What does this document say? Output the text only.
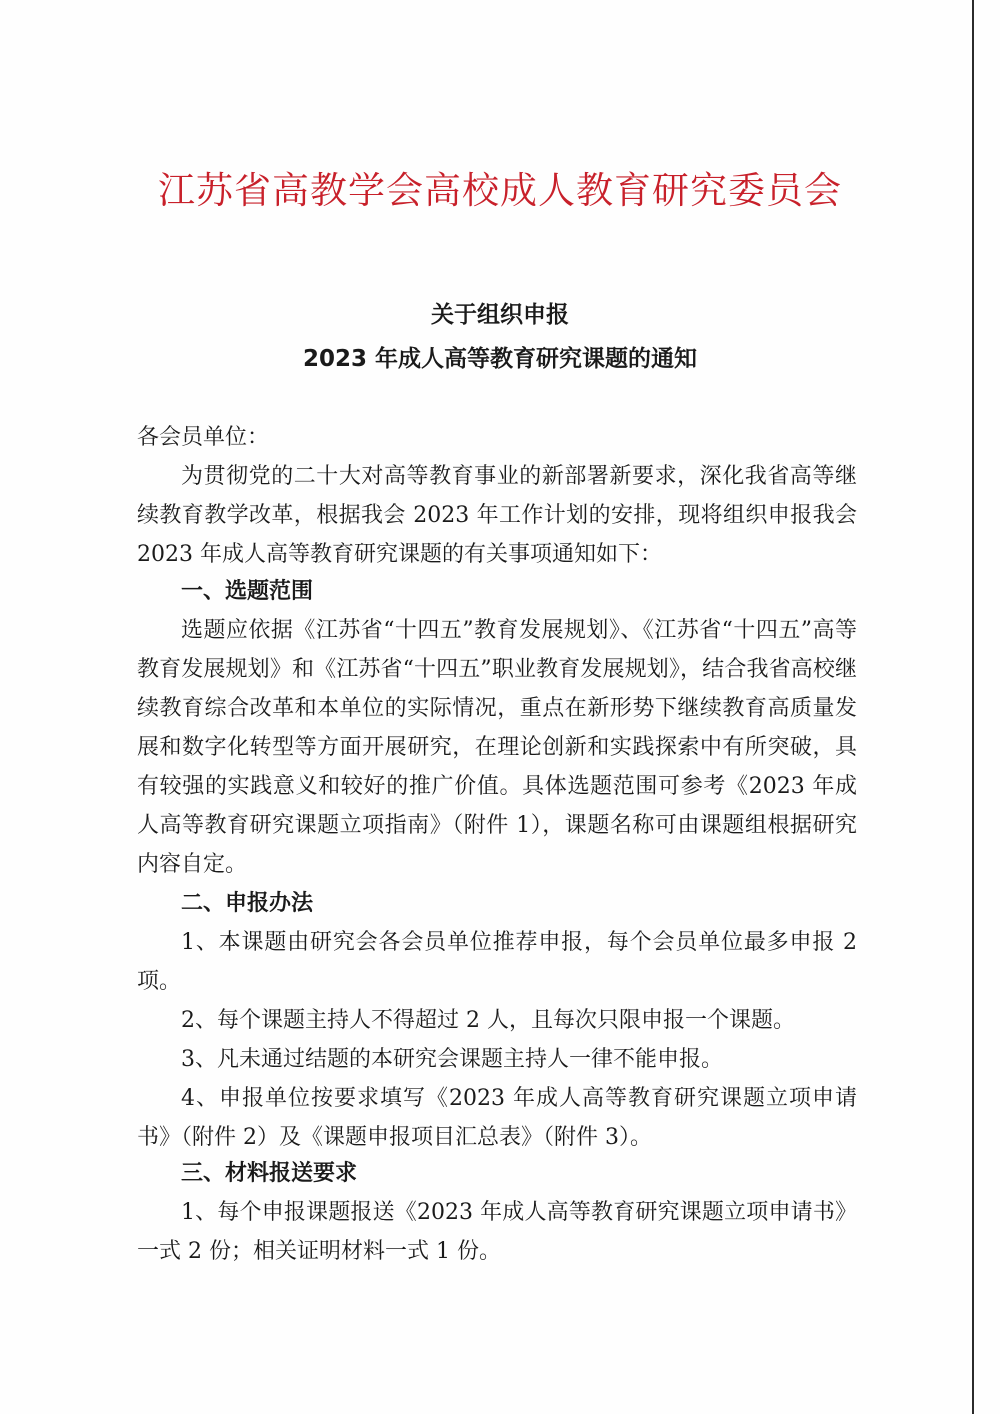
江苏省高教学会高校成人教育研究委员会
关于组织申报
2023 年成人高等教育研究课题的通知

各会员单位：

为贯彻党的二十大对高等教育事业的新部署新要求，深化我省高等继续教育教学改革，根据我会 2023 年工作计划的安排，现将组织申报我会 2023 年成人高等教育研究课题的有关事项通知如下：

一、选题范围

选题应依据《江苏省“十四五”教育发展规划》、《江苏省“十四五”高等教育发展规划》和《江苏省“十四五”职业教育发展规划》，结合我省高校继续教育综合改革和本单位的实际情况，重点在新形势下继续教育高质量发展和数字化转型等方面开展研究，在理论创新和实践探索中有所突破，具有较强的实践意义和较好的推广价值。具体选题范围可参考《2023 年成人高等教育研究课题立项指南》（附件 1），课题名称可由课题组根据研究内容自定。

二、申报办法

1、本课题由研究会各会员单位推荐申报，每个会员单位最多申报 2 项。

2、每个课题主持人不得超过 2 人，且每次只限申报一个课题。

3、凡未通过结题的本研究会课题主持人一律不能申报。

4、申报单位按要求填写《2023 年成人高等教育研究课题立项申请书》（附件 2）及《课题申报项目汇总表》（附件 3）。

三、材料报送要求

1、每个申报课题报送《2023 年成人高等教育研究课题立项申请书》一式 2 份；相关证明材料一式 1 份。
